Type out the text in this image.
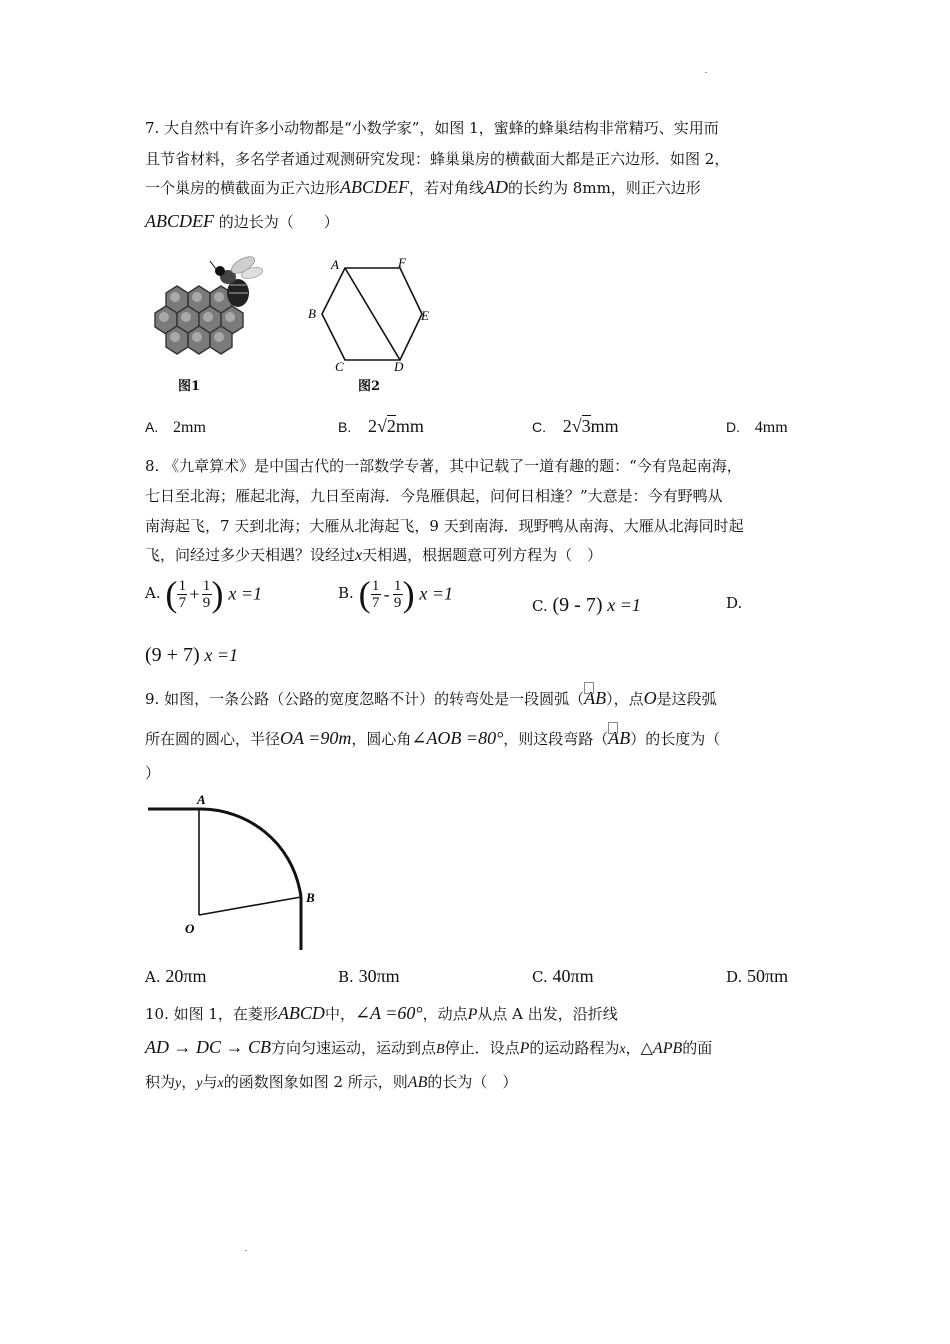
7. 大自然中有许多小动物都是“小数学家”，如图 1，蜜蜂的蜂巢结构非常精巧、实用而
且节省材料，多名学者通过观测研究发现：蜂巢巢房的横截面大都是正六边形．如图 2，
一个巢房的横截面为正六边形ABCDEF，若对角线AD的长约为 8mm，则正六边形
ABCDEF 的边长为（　　）
图1
A	F
B	E
C	D
图2
A. 2mm	B. 2√2mm	C. 2√3mm	D. 4mm
8. 《九章算术》是中国古代的一部数学专著，其中记载了一道有趣的题：“今有凫起南海，
七日至北海；雁起北海，九日至南海．今凫雁俱起，问何日相逢？”大意是：今有野鸭从
南海起飞，7 天到北海；大雁从北海起飞，9 天到南海．现野鸭从南海、大雁从北海同时起
飞，问经过多少天相遇？设经过x天相遇，根据题意可列方程为（　）
A. ( $\frac{1}{7} + \frac{1}{9}$ ) x =1	B. ( $\frac{1}{7} - \frac{1}{9}$ ) x =1
C. (9 - 7) x =1	D.
(9 + 7) x =1
9. 如图，一条公路（公路的宽度忽略不计）的转弯处是一段圆弧（
AB），点O是这段弧
所在圆的圆心，半径OA =90m，圆心角∠AOB =80°，则这段弯路（
AB）的长度为（
）
A
B
O
A. 20πm	B. 30πm	C. 40πm	D. 50πm
10. 如图 1，在菱形ABCD中，∠A =60°，动点P从点 A 出发，沿折线
AD → DC → CB方向匀速运动，运动到点B停止．设点P的运动路程为x，△APB的面
积为y，y与x的函数图象如图 2 所示，则AB的长为（　）
